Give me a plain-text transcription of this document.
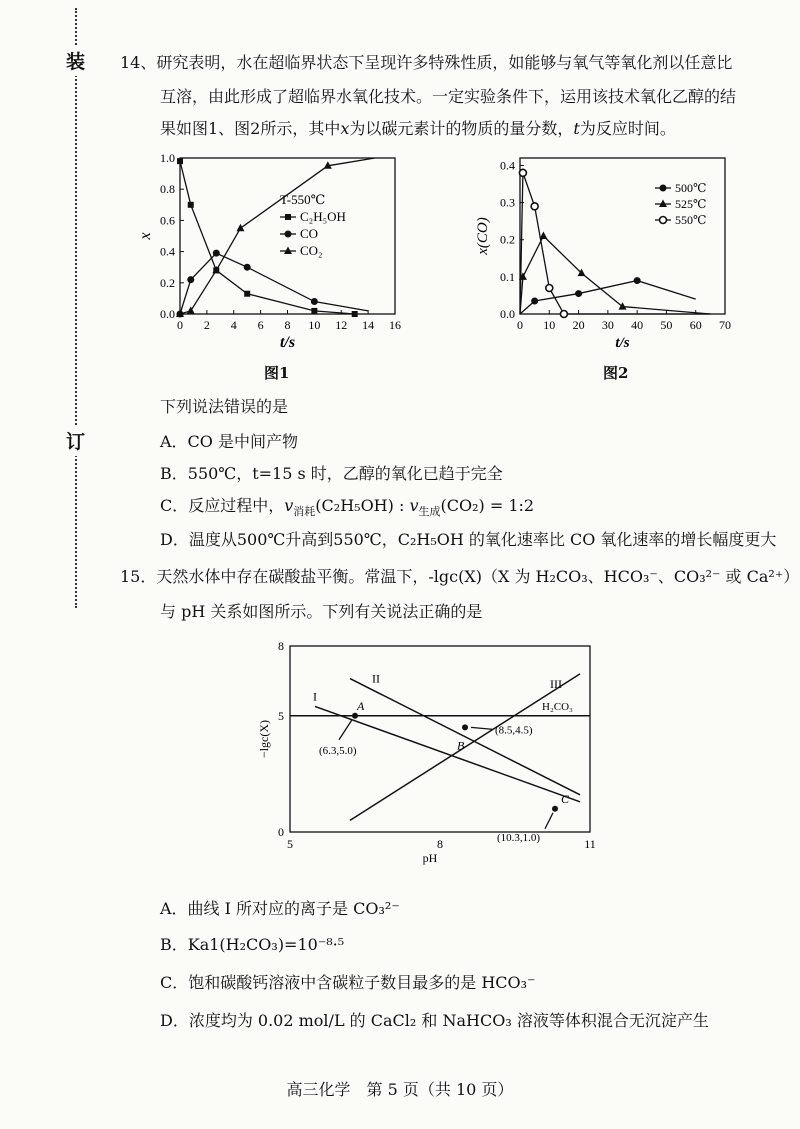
装
订
14、研究表明，水在超临界状态下呈现许多特殊性质，如能够与氧气等氧化剂以任意比
互溶，由此形成了超临界水氧化技术。一定实验条件下，运用该技术氧化乙醇的结
果如图1、图2所示，其中x为以碳元素计的物质的量分数，t为反应时间。
0 2 4 6 8 10 12 14 16
0.0
0.2
0.4
0.6
0.8
1.0
t/s
x
T-550℃
C₂H₅OH
CO
CO₂
图1
0 10 20 30 40 50 60 70
0.0
0.1
0.2
0.3
0.4
t/s
x(CO)
500℃
525℃
550℃
图2
下列说法错误的是
A．CO 是中间产物
B．550℃，t=15 s 时，乙醇的氧化已趋于完全
C．反应过程中，$v_{消耗}(C_2H_5OH)$ : $v_{生成}(CO_2)$ = 1:2
D．温度从500℃升高到550℃，C₂H₅OH 的氧化速率比 CO 氧化速率的增长幅度更大
15．天然水体中存在碳酸盐平衡。常温下，-lgc(X)（X 为 H₂CO₃、HCO₃⁻、CO₃²⁻ 或 Ca²⁺）
与 pH 关系如图所示。下列有关说法正确的是
5	8	11
0
5
8
pH
−lgc(X)
I
II	III
H₂CO₃
A
B
C
(6.3,5.0)
(8.5,4.5)
(10.3,1.0)
A．曲线 I 所对应的离子是 CO₃²⁻
B．Ka1(H₂CO₃)=10⁻⁸·⁵
C．饱和碳酸钙溶液中含碳粒子数目最多的是 HCO₃⁻
D．浓度均为 0.02 mol/L 的 CaCl₂ 和 NaHCO₃ 溶液等体积混合无沉淀产生
高三化学　第 5 页（共 10 页）
